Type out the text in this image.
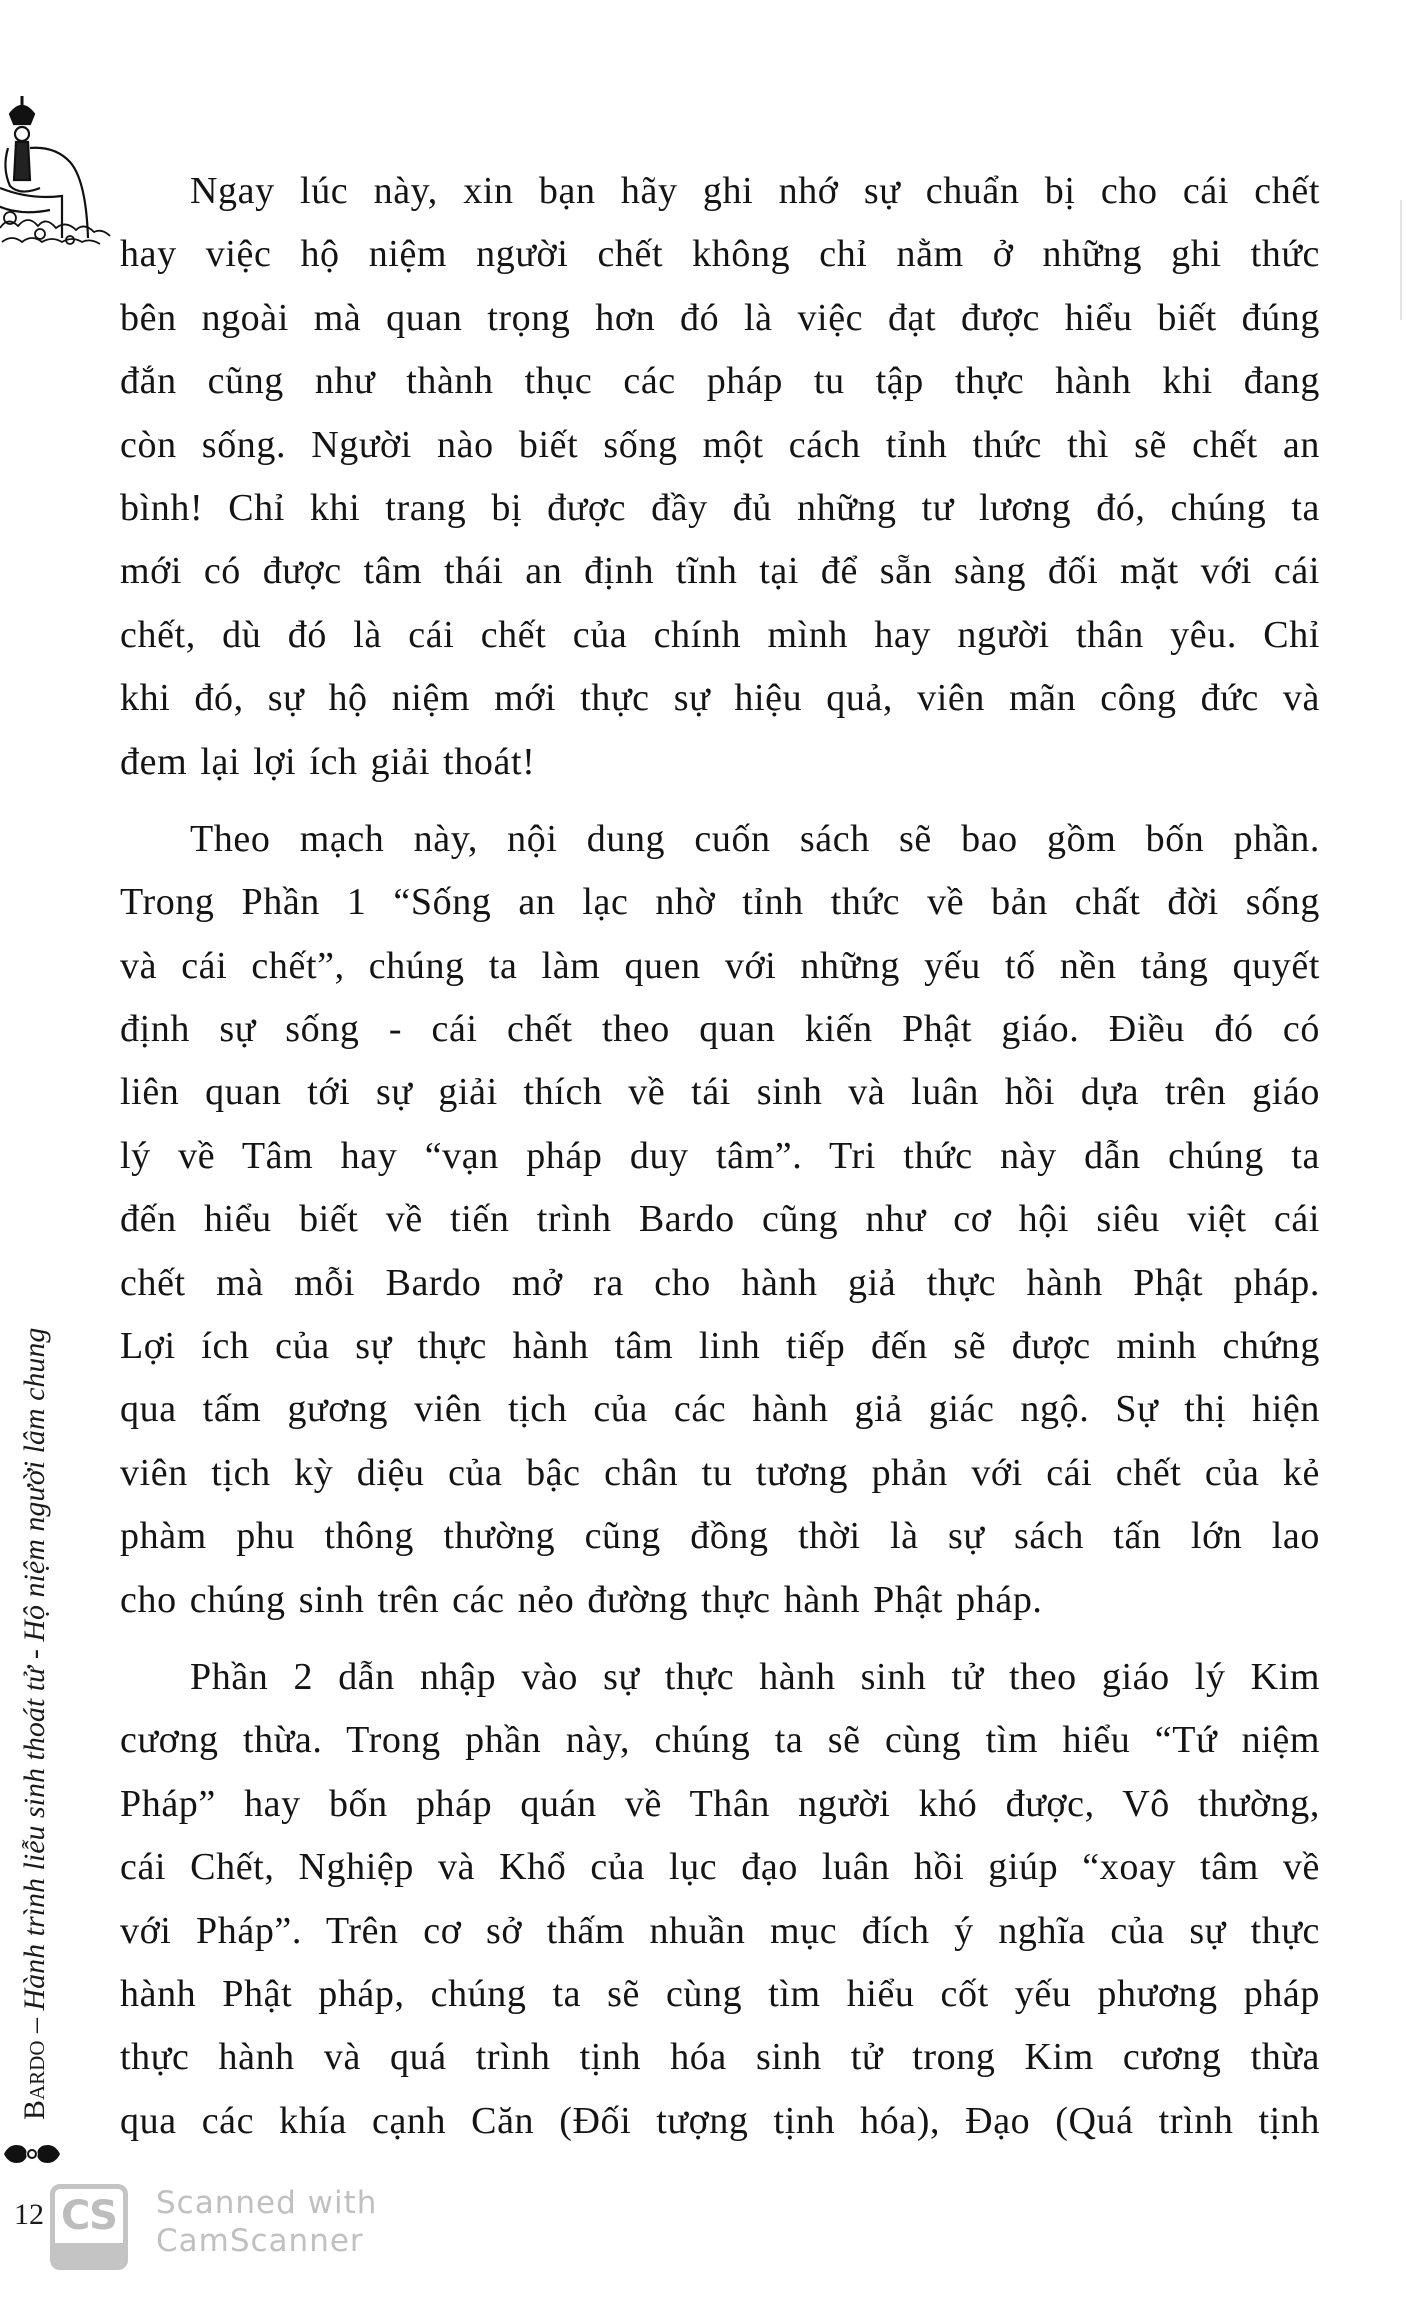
Ngay lúc này, xin bạn hãy ghi nhớ sự chuẩn bị cho cái chết
hay việc hộ niệm người chết không chỉ nằm ở những ghi thức
bên ngoài mà quan trọng hơn đó là việc đạt được hiểu biết đúng
đắn cũng như thành thục các pháp tu tập thực hành khi đang
còn sống. Người nào biết sống một cách tỉnh thức thì sẽ chết an
bình! Chỉ khi trang bị được đầy đủ những tư lương đó, chúng ta
mới có được tâm thái an định tĩnh tại để sẵn sàng đối mặt với cái
chết, dù đó là cái chết của chính mình hay người thân yêu. Chỉ
khi đó, sự hộ niệm mới thực sự hiệu quả, viên mãn công đức và
đem lại lợi ích giải thoát!
Theo mạch này, nội dung cuốn sách sẽ bao gồm bốn phần.
Trong Phần 1 “Sống an lạc nhờ tỉnh thức về bản chất đời sống
và cái chết”, chúng ta làm quen với những yếu tố nền tảng quyết
định sự sống - cái chết theo quan kiến Phật giáo. Điều đó có
liên quan tới sự giải thích về tái sinh và luân hồi dựa trên giáo
lý về Tâm hay “vạn pháp duy tâm”. Tri thức này dẫn chúng ta
đến hiểu biết về tiến trình Bardo cũng như cơ hội siêu việt cái
chết mà mỗi Bardo mở ra cho hành giả thực hành Phật pháp.
Lợi ích của sự thực hành tâm linh tiếp đến sẽ được minh chứng
qua tấm gương viên tịch của các hành giả giác ngộ. Sự thị hiện
viên tịch kỳ diệu của bậc chân tu tương phản với cái chết của kẻ
phàm phu thông thường cũng đồng thời là sự sách tấn lớn lao
cho chúng sinh trên các nẻo đường thực hành Phật pháp.
Phần 2 dẫn nhập vào sự thực hành sinh tử theo giáo lý Kim
cương thừa. Trong phần này, chúng ta sẽ cùng tìm hiểu “Tứ niệm
Pháp” hay bốn pháp quán về Thân người khó được, Vô thường,
cái Chết, Nghiệp và Khổ của lục đạo luân hồi giúp “xoay tâm về
với Pháp”. Trên cơ sở thấm nhuần mục đích ý nghĩa của sự thực
hành Phật pháp, chúng ta sẽ cùng tìm hiểu cốt yếu phương pháp
thực hành và quá trình tịnh hóa sinh tử trong Kim cương thừa
qua các khía cạnh Căn (Đối tượng tịnh hóa), Đạo (Quá trình tịnh
Bardo – Hành trình liễu sinh thoát tử - Hộ niệm người lâm chung
12 CS Scanned with
CamScanner
